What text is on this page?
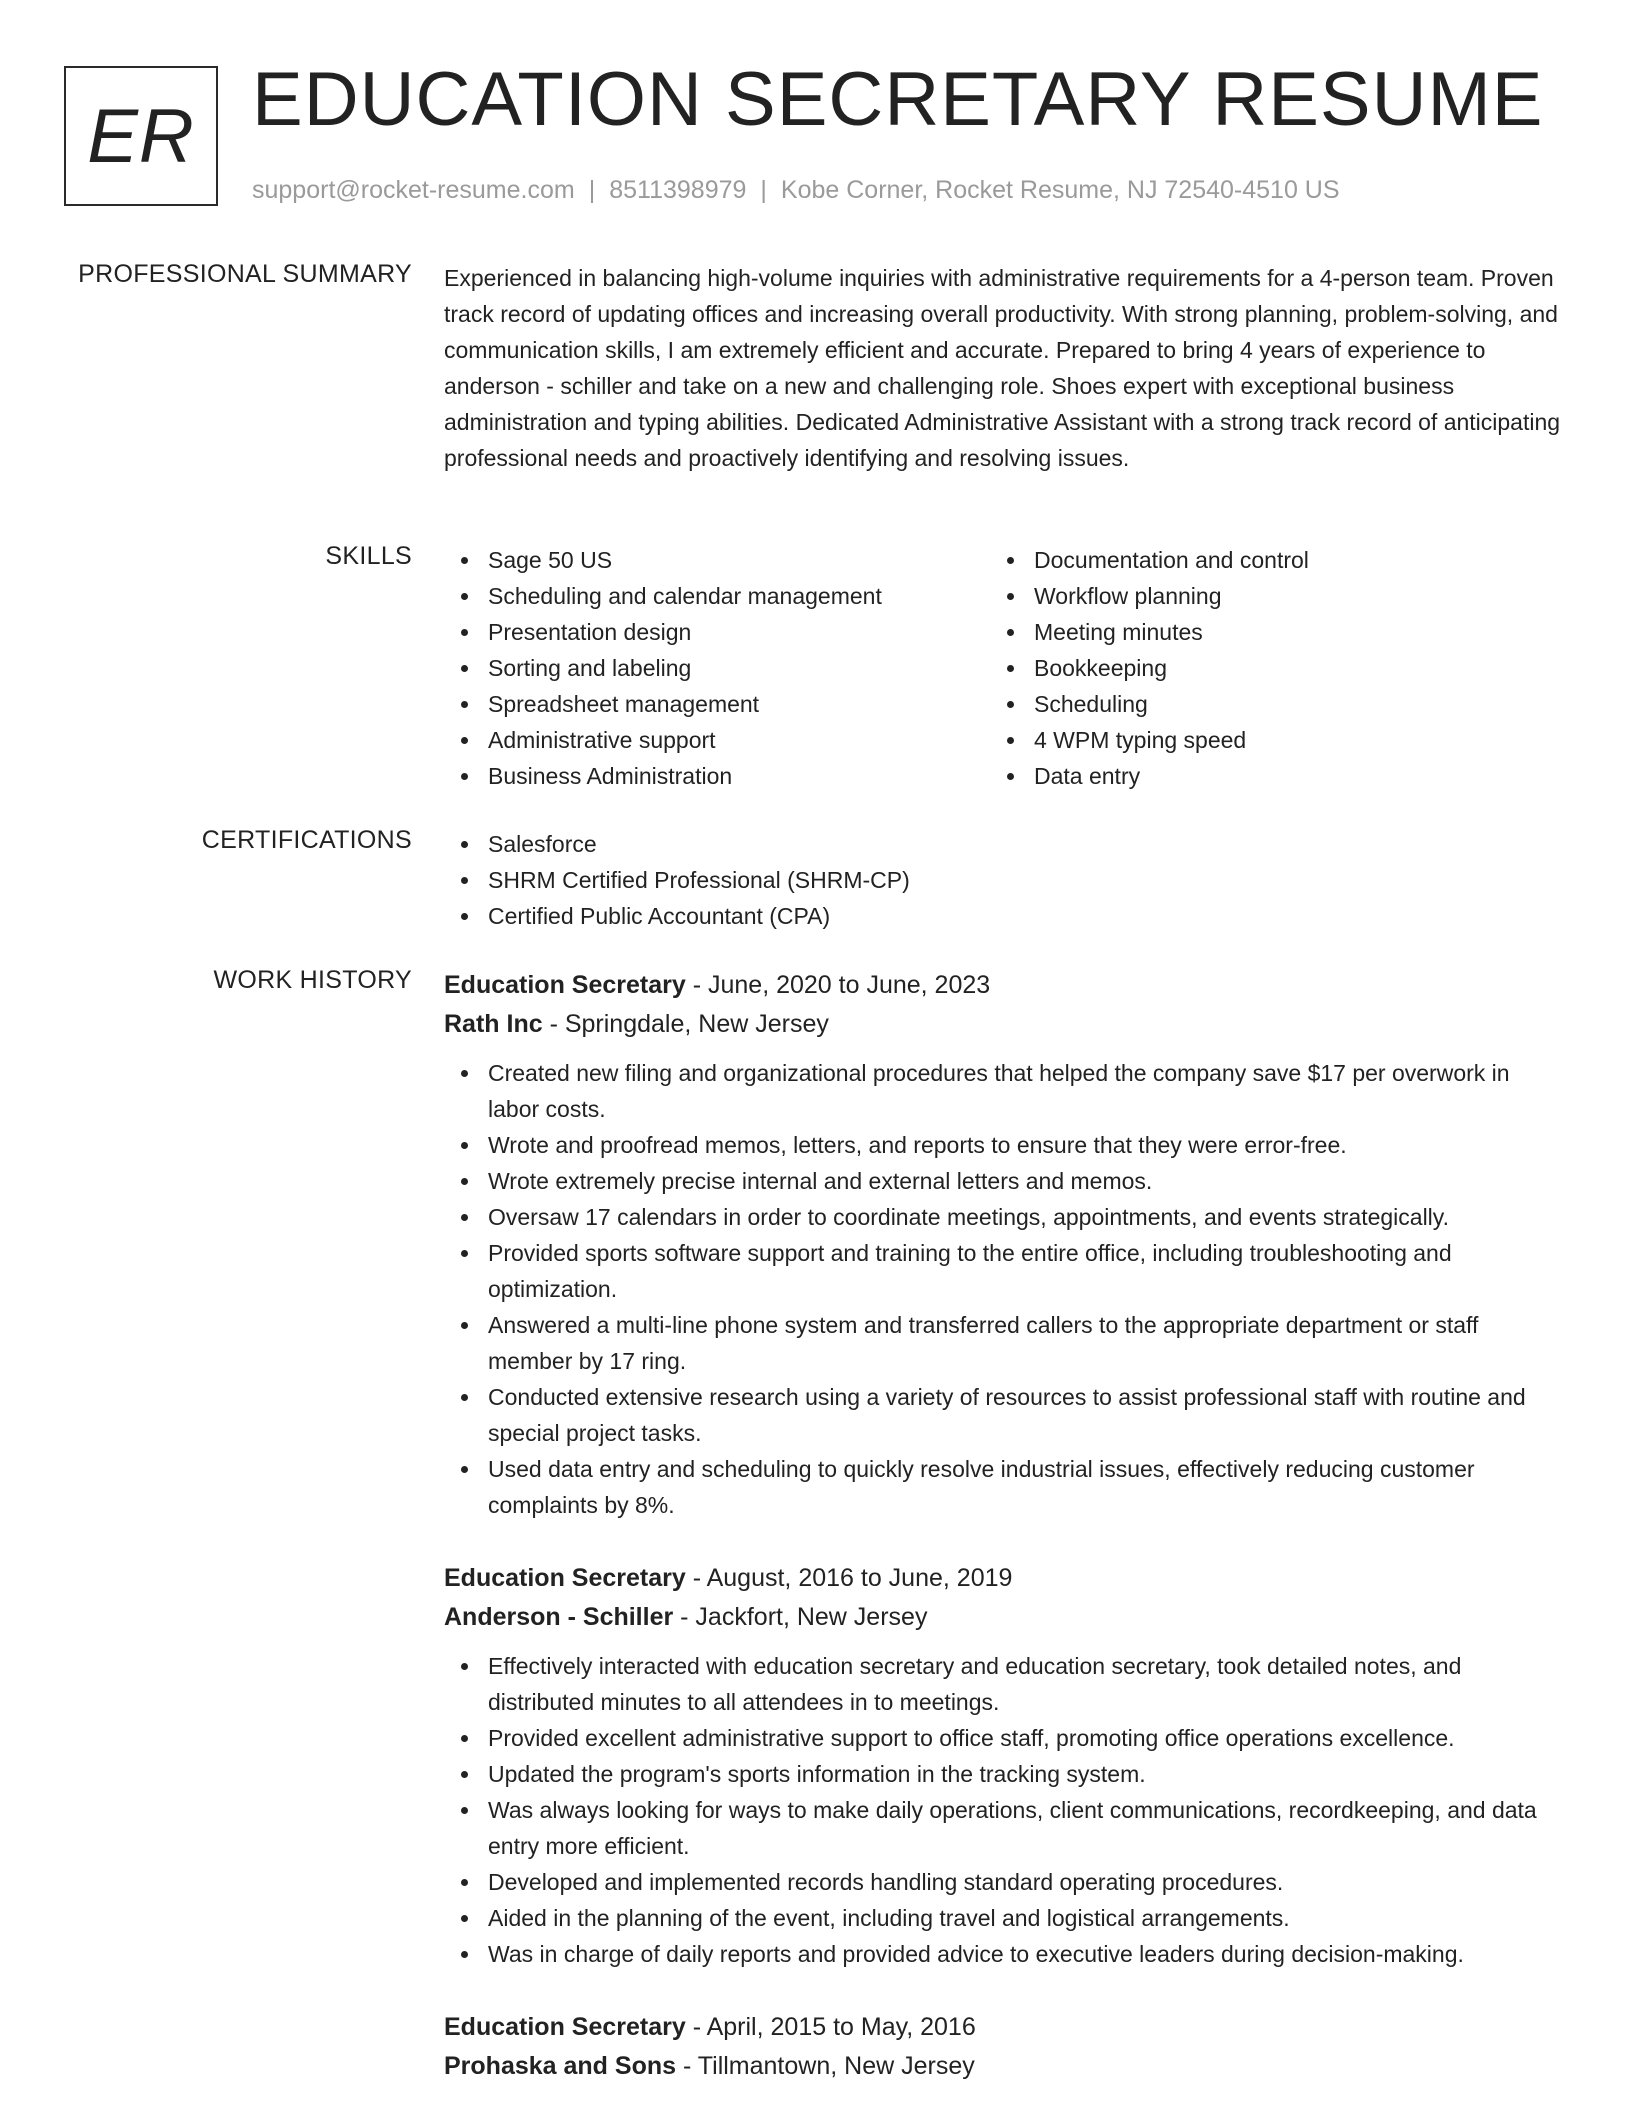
ER EDUCATION SECRETARY RESUME
support@rocket-resume.com | 8511398979 | Kobe Corner, Rocket Resume, NJ 72540-4510 US
PROFESSIONAL SUMMARY Experienced in balancing high-volume inquiries with administrative requirements for a 4-person team. Proven track record of updating offices and increasing overall productivity. With strong planning, problem-solving, and communication skills, I am extremely efficient and accurate. Prepared to bring 4 years of experience to anderson - schiller and take on a new and challenging role. Shoes expert with exceptional business administration and typing abilities. Dedicated Administrative Assistant with a strong track record of anticipating professional needs and proactively identifying and resolving issues.

SKILLS	Sage 50 US
Scheduling and calendar management
Presentation design
Sorting and labeling
Spreadsheet management
Administrative support
Business Administration
Documentation and control
Workflow planning
Meeting minutes
Bookkeeping
Scheduling
4 WPM typing speed
Data entry
CERTIFICATIONS	Salesforce
SHRM Certified Professional (SHRM-CP)
Certified Public Accountant (CPA)
WORK HISTORY Education Secretary - June, 2020 to June, 2023
Rath Inc - Springdale, New Jersey
Created new filing and organizational procedures that helped the company save $17 per overwork in labor costs.
Wrote and proofread memos, letters, and reports to ensure that they were error-free.
Wrote extremely precise internal and external letters and memos.
Oversaw 17 calendars in order to coordinate meetings, appointments, and events strategically.
Provided sports software support and training to the entire office, including troubleshooting and optimization.
Answered a multi-line phone system and transferred callers to the appropriate department or staff member by 17 ring.
Conducted extensive research using a variety of resources to assist professional staff with routine and special project tasks.
Used data entry and scheduling to quickly resolve industrial issues, effectively reducing customer complaints by 8%.
Education Secretary - August, 2016 to June, 2019
Anderson - Schiller - Jackfort, New Jersey
Effectively interacted with education secretary and education secretary, took detailed notes, and distributed minutes to all attendees in to meetings.
Provided excellent administrative support to office staff, promoting office operations excellence.
Updated the program's sports information in the tracking system.
Was always looking for ways to make daily operations, client communications, recordkeeping, and data entry more efficient.
Developed and implemented records handling standard operating procedures.
Aided in the planning of the event, including travel and logistical arrangements.
Was in charge of daily reports and provided advice to executive leaders during decision-making.
Education Secretary - April, 2015 to May, 2016
Prohaska and Sons - Tillmantown, New Jersey
